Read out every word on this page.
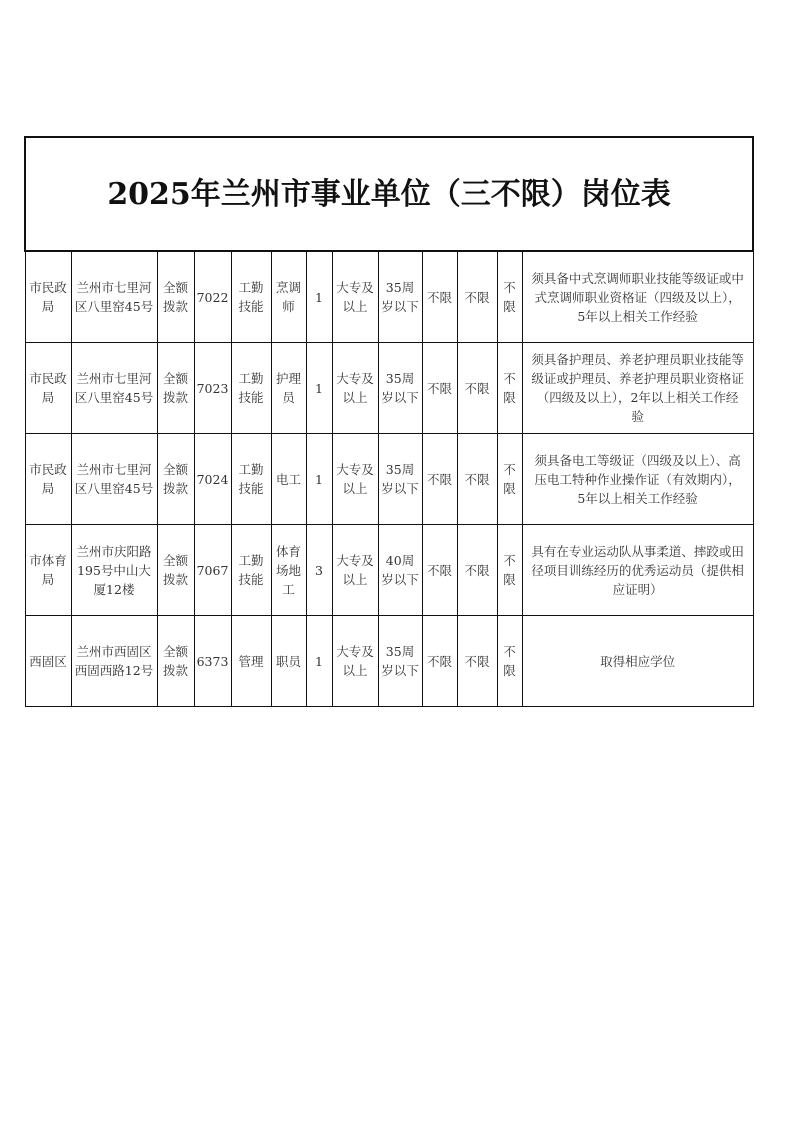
2025年兰州市事业单位（三不限）岗位表												
市民政局	兰州市七里河区八里窑45号	全额拨款	7022	工勤技能	烹调师	1	大专及以上	35周岁以下	不限	不限	不限	须具备中式烹调师职业技能等级证或中式烹调师职业资格证（四级及以上），5年以上相关工作经验
市民政局	兰州市七里河区八里窑45号	全额拨款	7023	工勤技能	护理员	1	大专及以上	35周岁以下	不限	不限	不限	须具备护理员、养老护理员职业技能等级证或护理员、养老护理员职业资格证（四级及以上），2年以上相关工作经验
市民政局	兰州市七里河区八里窑45号	全额拨款	7024	工勤技能	电工	1	大专及以上	35周岁以下	不限	不限	不限	须具备电工等级证（四级及以上）、高压电工特种作业操作证（有效期内），5年以上相关工作经验
市体育局	兰州市庆阳路195号中山大厦12楼	全额拨款	7067	工勤技能	体育场地工	3	大专及以上	40周岁以下	不限	不限	不限	具有在专业运动队从事柔道、摔跤或田径项目训练经历的优秀运动员（提供相应证明）
西固区	兰州市西固区西固西路12号	全额拨款	6373	管理	职员	1	大专及以上	35周岁以下	不限	不限	不限	取得相应学位
